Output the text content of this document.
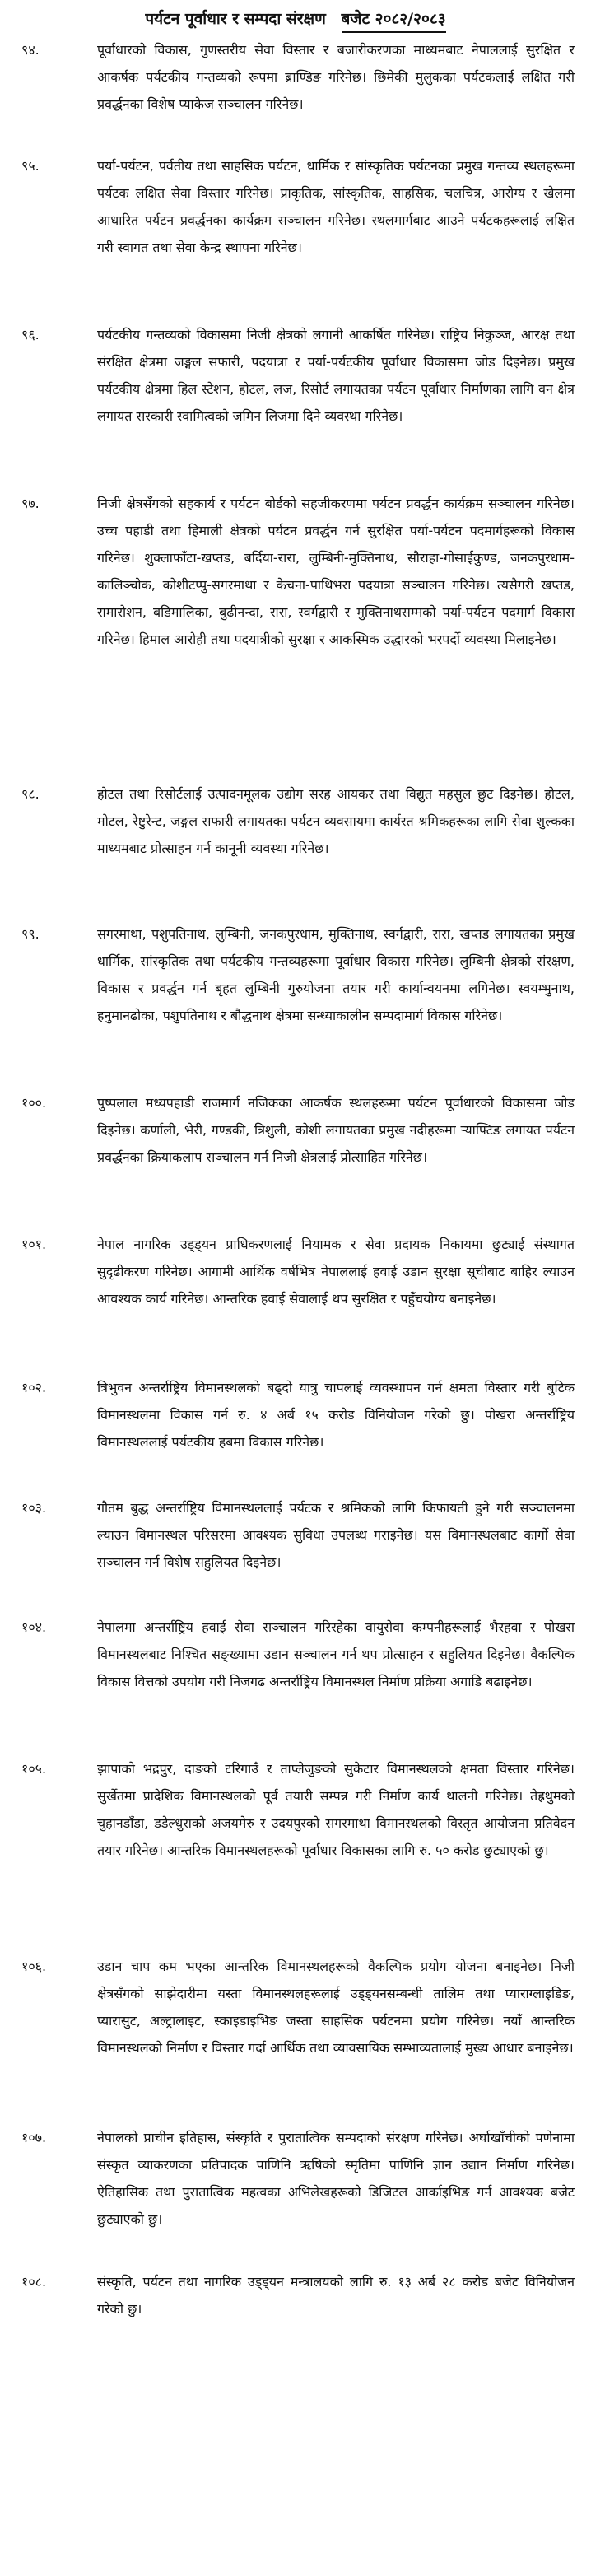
पर्यटन पूर्वाधार र सम्पदा संरक्षण बजेट २०८२/२०८३
९४.	पूर्वाधारको विकास, गुणस्तरीय सेवा विस्तार र बजारीकरणका माध्यमबाट नेपाललाई सुरक्षित र आकर्षक पर्यटकीय गन्तव्यको रूपमा ब्राण्डिङ गरिनेछ। छिमेकी मुलुकका पर्यटकलाई लक्षित गरी प्रवर्द्धनका विशेष प्याकेज सञ्चालन गरिनेछ।
९५.	पर्या-पर्यटन, पर्वतीय तथा साहसिक पर्यटन, धार्मिक र सांस्कृतिक पर्यटनका प्रमुख गन्तव्य स्थलहरूमा पर्यटक लक्षित सेवा विस्तार गरिनेछ। प्राकृतिक, सांस्कृतिक, साहसिक, चलचित्र, आरोग्य र खेलमा आधारित पर्यटन प्रवर्द्धनका कार्यक्रम सञ्चालन गरिनेछ। स्थलमार्गबाट आउने पर्यटकहरूलाई लक्षित गरी स्वागत तथा सेवा केन्द्र स्थापना गरिनेछ।
९६.	पर्यटकीय गन्तव्यको विकासमा निजी क्षेत्रको लगानी आकर्षित गरिनेछ। राष्ट्रिय निकुञ्ज, आरक्ष तथा संरक्षित क्षेत्रमा जङ्गल सफारी, पदयात्रा र पर्या-पर्यटकीय पूर्वाधार विकासमा जोड दिइनेछ। प्रमुख पर्यटकीय क्षेत्रमा हिल स्टेशन, होटल, लज, रिसोर्ट लगायतका पर्यटन पूर्वाधार निर्माणका लागि वन क्षेत्र लगायत सरकारी स्वामित्वको जमिन लिजमा दिने व्यवस्था गरिनेछ।
९७.	निजी क्षेत्रसँगको सहकार्य र पर्यटन बोर्डको सहजीकरणमा पर्यटन प्रवर्द्धन कार्यक्रम सञ्चालन गरिनेछ। उच्च पहाडी तथा हिमाली क्षेत्रको पर्यटन प्रवर्द्धन गर्न सुरक्षित पर्या-पर्यटन पदमार्गहरूको विकास गरिनेछ। शुक्लाफाँटा-खप्तड, बर्दिया-रारा, लुम्बिनी-मुक्तिनाथ, सौराहा-गोसाईकुण्ड, जनकपुरधाम-कालिञ्चोक, कोशीटप्पु-सगरमाथा र केचना-पाथिभरा पदयात्रा सञ्चालन गरिनेछ। त्यसैगरी खप्तड, रामारोशन, बडिमालिका, बुढीनन्दा, रारा, स्वर्गद्वारी र मुक्तिनाथसम्मको पर्या-पर्यटन पदमार्ग विकास गरिनेछ। हिमाल आरोही तथा पदयात्रीको सुरक्षा र आकस्मिक उद्धारको भरपर्दो व्यवस्था मिलाइनेछ।
९८.	होटल तथा रिसोर्टलाई उत्पादनमूलक उद्योग सरह आयकर तथा विद्युत महसुल छुट दिइनेछ। होटल, मोटल, रेष्टुरेन्ट, जङ्गल सफारी लगायतका पर्यटन व्यवसायमा कार्यरत श्रमिकहरूका लागि सेवा शुल्कका माध्यमबाट प्रोत्साहन गर्न कानूनी व्यवस्था गरिनेछ।
९९.	सगरमाथा, पशुपतिनाथ, लुम्बिनी, जनकपुरधाम, मुक्तिनाथ, स्वर्गद्वारी, रारा, खप्तड लगायतका प्रमुख धार्मिक, सांस्कृतिक तथा पर्यटकीय गन्तव्यहरूमा पूर्वाधार विकास गरिनेछ। लुम्बिनी क्षेत्रको संरक्षण, विकास र प्रवर्द्धन गर्न बृहत लुम्बिनी गुरुयोजना तयार गरी कार्यान्वयनमा लगिनेछ। स्वयम्भुनाथ, हनुमानढोका, पशुपतिनाथ र बौद्धनाथ क्षेत्रमा सन्ध्याकालीन सम्पदामार्ग विकास गरिनेछ।
१००.	पुष्पलाल मध्यपहाडी राजमार्ग नजिकका आकर्षक स्थलहरूमा पर्यटन पूर्वाधारको विकासमा जोड दिइनेछ। कर्णाली, भेरी, गण्डकी, त्रिशुली, कोशी लगायतका प्रमुख नदीहरूमा र्‍याफ्टिङ लगायत पर्यटन प्रवर्द्धनका क्रियाकलाप सञ्चालन गर्न निजी क्षेत्रलाई प्रोत्साहित गरिनेछ।
१०१.	नेपाल नागरिक उड्ड्यन प्राधिकरणलाई नियामक र सेवा प्रदायक निकायमा छुट्याई संस्थागत सुदृढीकरण गरिनेछ। आगामी आर्थिक वर्षभित्र नेपाललाई हवाई उडान सुरक्षा सूचीबाट बाहिर ल्याउन आवश्यक कार्य गरिनेछ। आन्तरिक हवाई सेवालाई थप सुरक्षित र पहुँचयोग्य बनाइनेछ।
१०२.	त्रिभुवन अन्तर्राष्ट्रिय विमानस्थलको बढ्दो यात्रु चापलाई व्यवस्थापन गर्न क्षमता विस्तार गरी बुटिक विमानस्थलमा विकास गर्न रु. ४ अर्ब १५ करोड विनियोजन गरेको छु। पोखरा अन्तर्राष्ट्रिय विमानस्थललाई पर्यटकीय हबमा विकास गरिनेछ।
१०३.	गौतम बुद्ध अन्तर्राष्ट्रिय विमानस्थललाई पर्यटक र श्रमिकको लागि किफायती हुने गरी सञ्चालनमा ल्याउन विमानस्थल परिसरमा आवश्यक सुविधा उपलब्ध गराइनेछ। यस विमानस्थलबाट कार्गो सेवा सञ्चालन गर्न विशेष सहुलियत दिइनेछ।
१०४.	नेपालमा अन्तर्राष्ट्रिय हवाई सेवा सञ्चालन गरिरहेका वायुसेवा कम्पनीहरूलाई भैरहवा र पोखरा विमानस्थलबाट निश्चित सङ्ख्यामा उडान सञ्चालन गर्न थप प्रोत्साहन र सहुलियत दिइनेछ। वैकल्पिक विकास वित्तको उपयोग गरी निजगढ अन्तर्राष्ट्रिय विमानस्थल निर्माण प्रक्रिया अगाडि बढाइनेछ।
१०५.	झापाको भद्रपुर, दाङको टरिगाउँ र ताप्लेजुङको सुकेटार विमानस्थलको क्षमता विस्तार गरिनेछ। सुर्खेतमा प्रादेशिक विमानस्थलको पूर्व तयारी सम्पन्न गरी निर्माण कार्य थालनी गरिनेछ। तेह्रथुमको चुहानडाँडा, डडेल्धुराको अजयमेरु र उदयपुरको सगरमाथा विमानस्थलको विस्तृत आयोजना प्रतिवेदन तयार गरिनेछ। आन्तरिक विमानस्थलहरूको पूर्वाधार विकासका लागि रु. ५० करोड छुट्याएको छु।
१०६.	उडान चाप कम भएका आन्तरिक विमानस्थलहरूको वैकल्पिक प्रयोग योजना बनाइनेछ। निजी क्षेत्रसँगको साझेदारीमा यस्ता विमानस्थलहरूलाई उड्ड्यनसम्बन्धी तालिम तथा प्याराग्लाइडिङ, प्यारासुट, अल्ट्रालाइट, स्काइडाइभिङ जस्ता साहसिक पर्यटनमा प्रयोग गरिनेछ। नयाँ आन्तरिक विमानस्थलको निर्माण र विस्तार गर्दा आर्थिक तथा व्यावसायिक सम्भाव्यतालाई मुख्य आधार बनाइनेछ।
१०७.	नेपालको प्राचीन इतिहास, संस्कृति र पुरातात्विक सम्पदाको संरक्षण गरिनेछ। अर्घाखाँचीको पणेनामा संस्कृत व्याकरणका प्रतिपादक पाणिनि ऋषिको स्मृतिमा पाणिनि ज्ञान उद्यान निर्माण गरिनेछ। ऐतिहासिक तथा पुरातात्विक महत्वका अभिलेखहरूको डिजिटल आर्काइभिङ गर्न आवश्यक बजेट छुट्याएको छु।
१०८.	संस्कृति, पर्यटन तथा नागरिक उड्ड्यन मन्त्रालयको लागि रु. १३ अर्ब २८ करोड बजेट विनियोजन गरेको छु।
